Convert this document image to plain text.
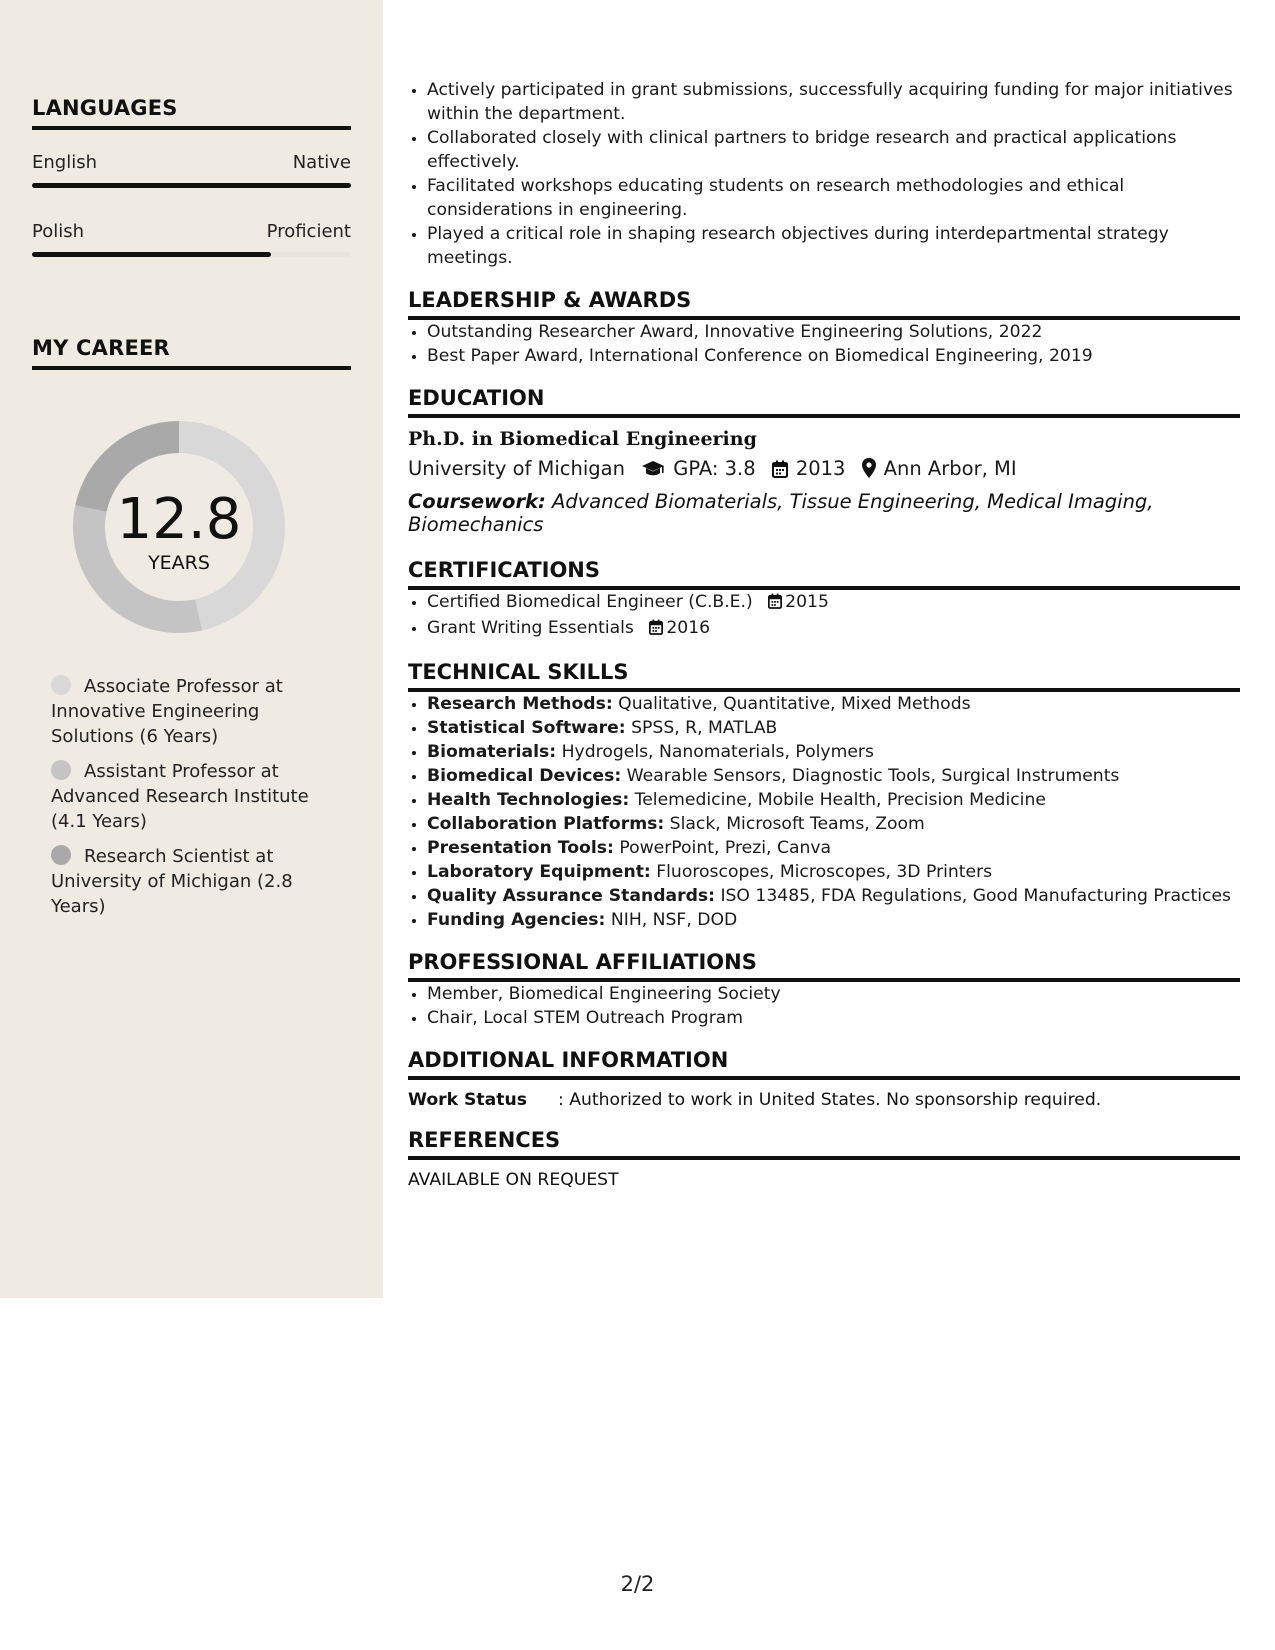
LANGUAGES
English	Native
Polish	Proficient
MY CAREER
12.8
YEARS
Associate Professor at Innovative Engineering Solutions (6 Years)
Assistant Professor at Advanced Research Institute (4.1 Years)
Research Scientist at University of Michigan (2.8 Years)
• Actively participated in grant submissions, successfully acquiring funding for major initiatives within the department.
• Collaborated closely with clinical partners to bridge research and practical applications effectively.
• Facilitated workshops educating students on research methodologies and ethical considerations in engineering.
• Played a critical role in shaping research objectives during interdepartmental strategy meetings.
LEADERSHIP & AWARDS
• Outstanding Researcher Award, Innovative Engineering Solutions, 2022
• Best Paper Award, International Conference on Biomedical Engineering, 2019
EDUCATION
Ph.D. in Biomedical Engineering
University of Michigan GPA: 3.8 2013 Ann Arbor, MI
Coursework: Advanced Biomaterials, Tissue Engineering, Medical Imaging, Biomechanics
CERTIFICATIONS
• Certified Biomedical Engineer (C.B.E.) 2015
• Grant Writing Essentials 2016
TECHNICAL SKILLS
• Research Methods: Qualitative, Quantitative, Mixed Methods
• Statistical Software: SPSS, R, MATLAB
• Biomaterials: Hydrogels, Nanomaterials, Polymers
• Biomedical Devices: Wearable Sensors, Diagnostic Tools, Surgical Instruments
• Health Technologies: Telemedicine, Mobile Health, Precision Medicine
• Collaboration Platforms: Slack, Microsoft Teams, Zoom
• Presentation Tools: PowerPoint, Prezi, Canva
• Laboratory Equipment: Fluoroscopes, Microscopes, 3D Printers
• Quality Assurance Standards: ISO 13485, FDA Regulations, Good Manufacturing Practices
• Funding Agencies: NIH, NSF, DOD
PROFESSIONAL AFFILIATIONS
• Member, Biomedical Engineering Society
• Chair, Local STEM Outreach Program
ADDITIONAL INFORMATION
Work Status	: Authorized to work in United States. No sponsorship required.
REFERENCES
AVAILABLE ON REQUEST
2/2
